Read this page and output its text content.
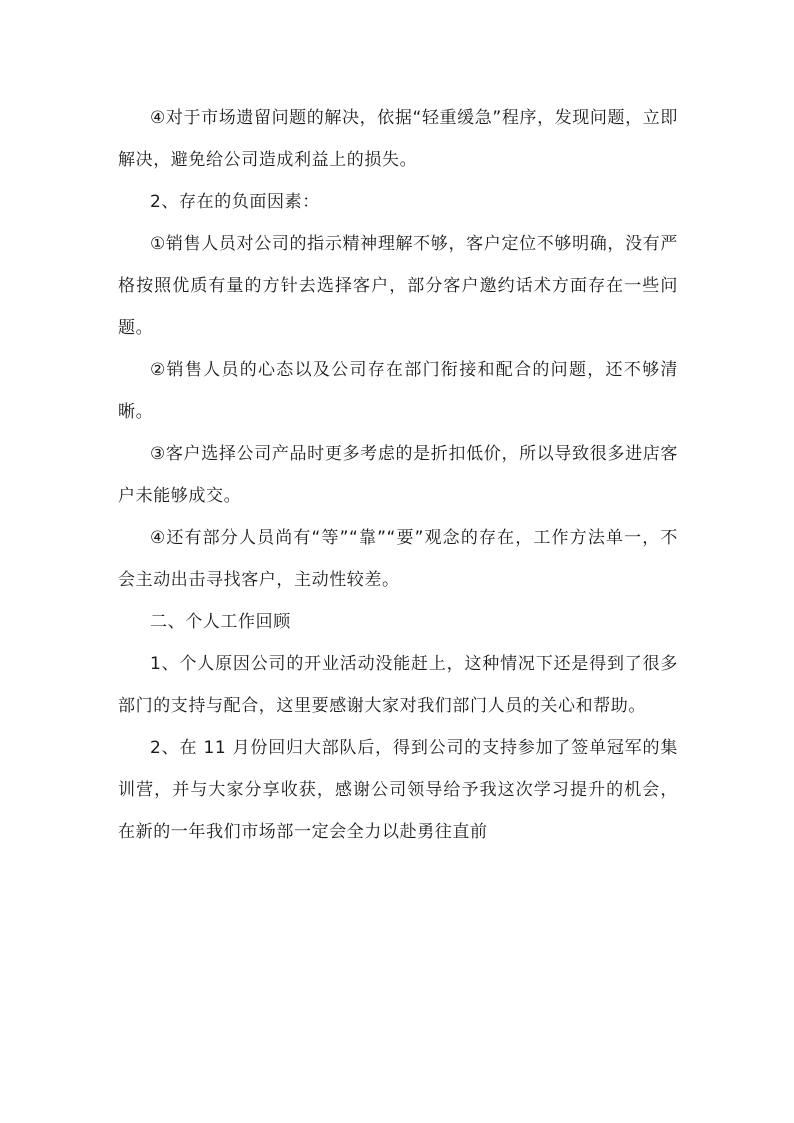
④对于市场遗留问题的解决，依据“轻重缓急”程序，发现问题，立即解决，避免给公司造成利益上的损失。

2、存在的负面因素：

①销售人员对公司的指示精神理解不够，客户定位不够明确，没有严格按照优质有量的方针去选择客户，部分客户邀约话术方面存在一些问题。

②销售人员的心态以及公司存在部门衔接和配合的问题，还不够清晰。

③客户选择公司产品时更多考虑的是折扣低价，所以导致很多进店客户未能够成交。

④还有部分人员尚有“等”“靠”“要”观念的存在，工作方法单一，不会主动出击寻找客户，主动性较差。

二、个人工作回顾

1、个人原因公司的开业活动没能赶上，这种情况下还是得到了很多部门的支持与配合，这里要感谢大家对我们部门人员的关心和帮助。

2、在 11 月份回归大部队后，得到公司的支持参加了签单冠军的集训营，并与大家分享收获，感谢公司领导给予我这次学习提升的机会，在新的一年我们市场部一定会全力以赴勇往直前
